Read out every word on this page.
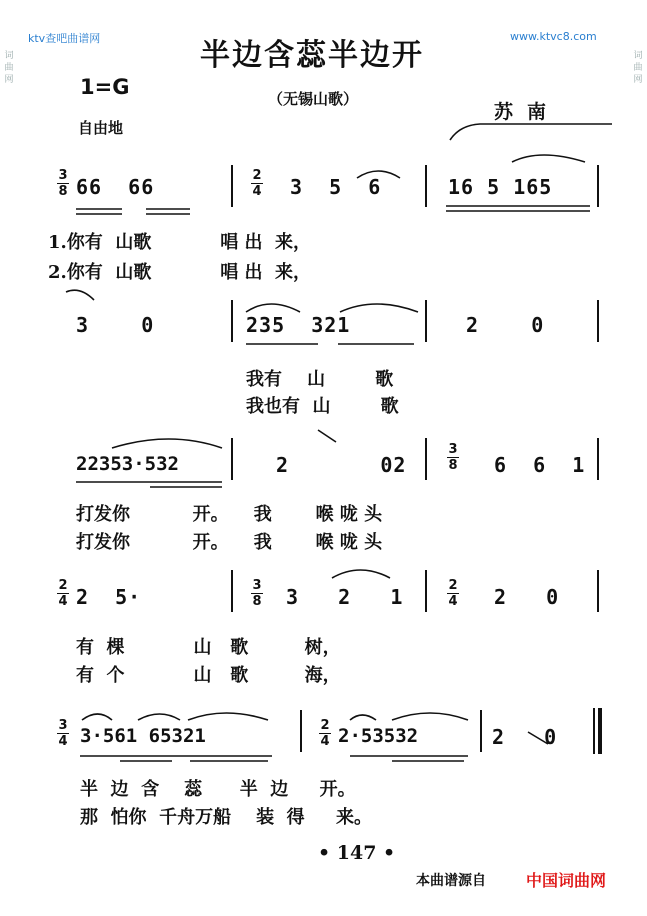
ktv查吧曲谱网	www.ktvc8.com
词曲网
词曲网
半边含蕊半边开
（无锡山歌）
1=G
自由地
苏南
3
8 66  66	2
4 3  5  6	16 5 165
1.你有  山歌           唱 出  来，
2.你有  山歌           唱 出  来，
3    0	235  321	2    0
我有    山        歌
我也有  山        歌
22353·532	2       02
3
8 6  6  1
打发你          开。    我       喉 咙 头
打发你          开。    我       喉 咙 头
2
4 2  5·	3
8 3   2   1	2
4 2   0
有  棵           山   歌         树，
有  个           山   歌         海，
3
4 3·561 65321	2
4 2·53532	2   0
半  边  含    蕊      半  边     开。
那  怕你  千舟万船    装  得     来。
• 147 •
本曲谱源自	中国词曲网
